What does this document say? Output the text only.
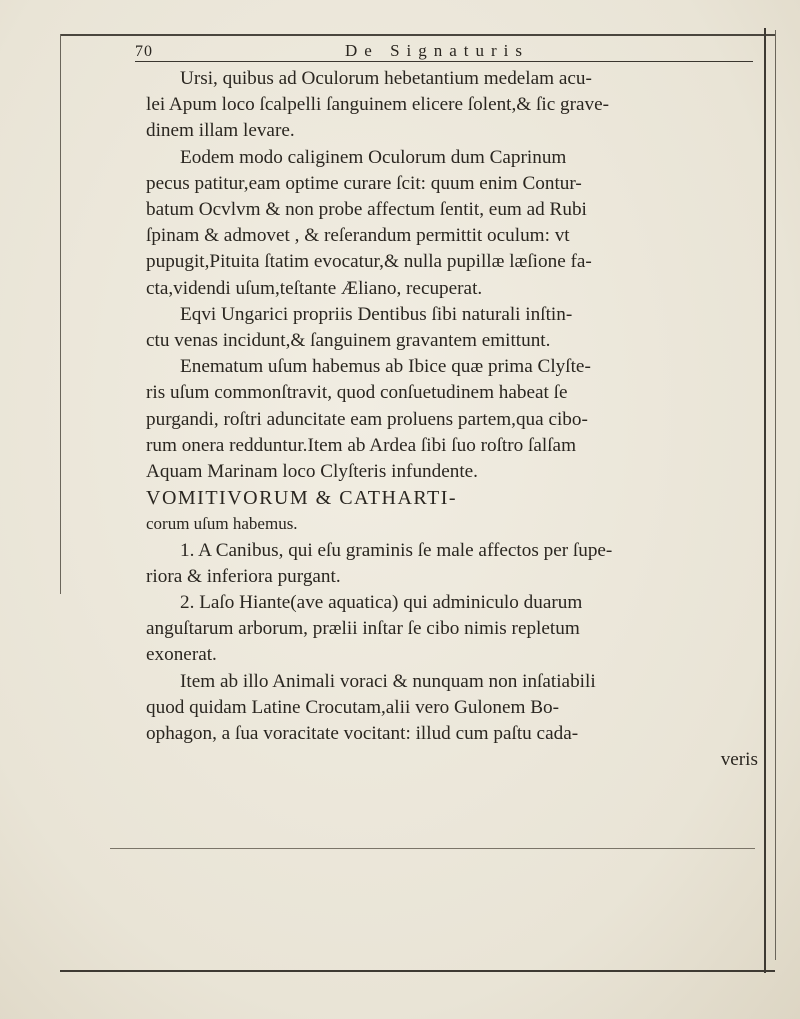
70	De Signaturis

Ursi, quibus ad Oculorum hebetantium medelam acu-

lei Apum loco ſcalpelli ſanguinem elicere ſolent,& ſic grave-

dinem illam levare.

Eodem modo caliginem Oculorum dum Caprinum

pecus patitur,eam optime curare ſcit: quum enim Contur-

batum Ocvlvm & non probe affectum ſentit, eum ad Rubi

ſpinam & admovet , & reſerandum permittit oculum: vt

pupugit,Pituita ſtatim evocatur,& nulla pupillæ læſione fa-

cta,videndi uſum,teſtante Æliano, recuperat.

Eqvi Ungarici propriis Dentibus ſibi naturali inſtin-

ctu venas incidunt,& ſanguinem gravantem emittunt.

Enematum uſum habemus ab Ibice quæ prima Clyſte-

ris uſum commonſtravit, quod conſuetudinem habeat ſe

purgandi, roſtri aduncitate eam proluens partem,qua cibo-

rum onera redduntur.Item ab Ardea ſibi ſuo roſtro ſalſam

Aquam Marinam loco Clyſteris infundente.

VOMITIVORUM & CATHARTI-

corum uſum habemus.

1. A Canibus, qui eſu graminis ſe male affectos per ſupe-

riora & inferiora purgant.

2. Laſo Hiante(ave aquatica) qui adminiculo duarum

anguſtarum arborum, prælii inſtar ſe cibo nimis repletum

exonerat.

Item ab illo Animali voraci & nunquam non inſatiabili

quod quidam Latine Crocutam,alii vero Gulonem Bo-

ophagon, a ſua voracitate vocitant: illud cum paſtu cada-

veris
